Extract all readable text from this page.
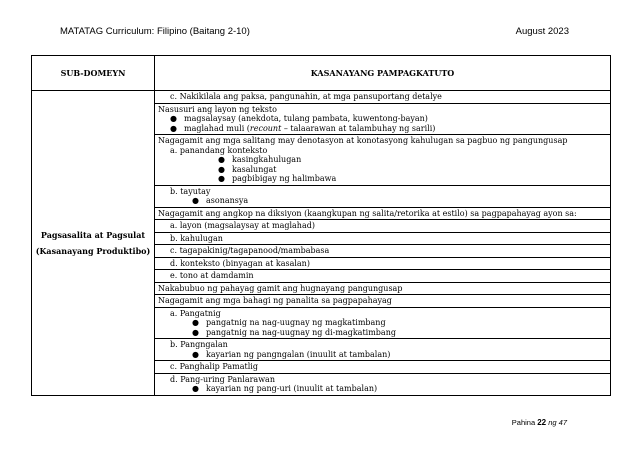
MATATAG Curriculum: Filipino (Baitang 2-10)	August 2023
SUB-DOMEYN	KASANAYANG PAMPAGKATUTO

Pagsasalita at Pagsulat
(Kasanayang Produktibo)	c. Nakikilala ang paksa, pangunahin, at mga pansuportang detalye

	Nasusuri ang layon ng teksto
● magsalaysay (anekdota, tulang pambata, kuwentong-bayan)
● maglahad muli (recount – talaarawan at talambuhay ng sarili)

	Nagagamit ang mga salitang may denotasyon at konotasyong kahulugan sa pagbuo ng pangungusap
a. panandang konteksto
● kasingkahulugan
● kasalungat
● pagbibigay ng halimbawa

	b. tayutay
● asonansya

	Nagagamit ang angkop na diksiyon (kaangkupan ng salita/retorika at estilo) sa pagpapahayag ayon sa:

	a. layon (magsalaysay at maglahad)

	b. kahulugan

	c. tagapakinig/tagapanood/mambabasa

	d. konteksto (binyagan at kasalan)

	e. tono at damdamin

	Nakabubuo ng pahayag gamit ang hugnayang pangungusap

	Nagagamit ang mga bahagi ng panalita sa pagpapahayag

	a. Pangatnig
● pangatnig na nag-uugnay ng magkatimbang
● pangatnig na nag-uugnay ng di-magkatimbang

	b. Pangngalan
● kayarian ng pangngalan (inuulit at tambalan)

	c. Panghalip Pamatlig

	d. Pang-uring Panlarawan
● kayarian ng pang-uri (inuulit at tambalan)
Pahina 22 ng 47
